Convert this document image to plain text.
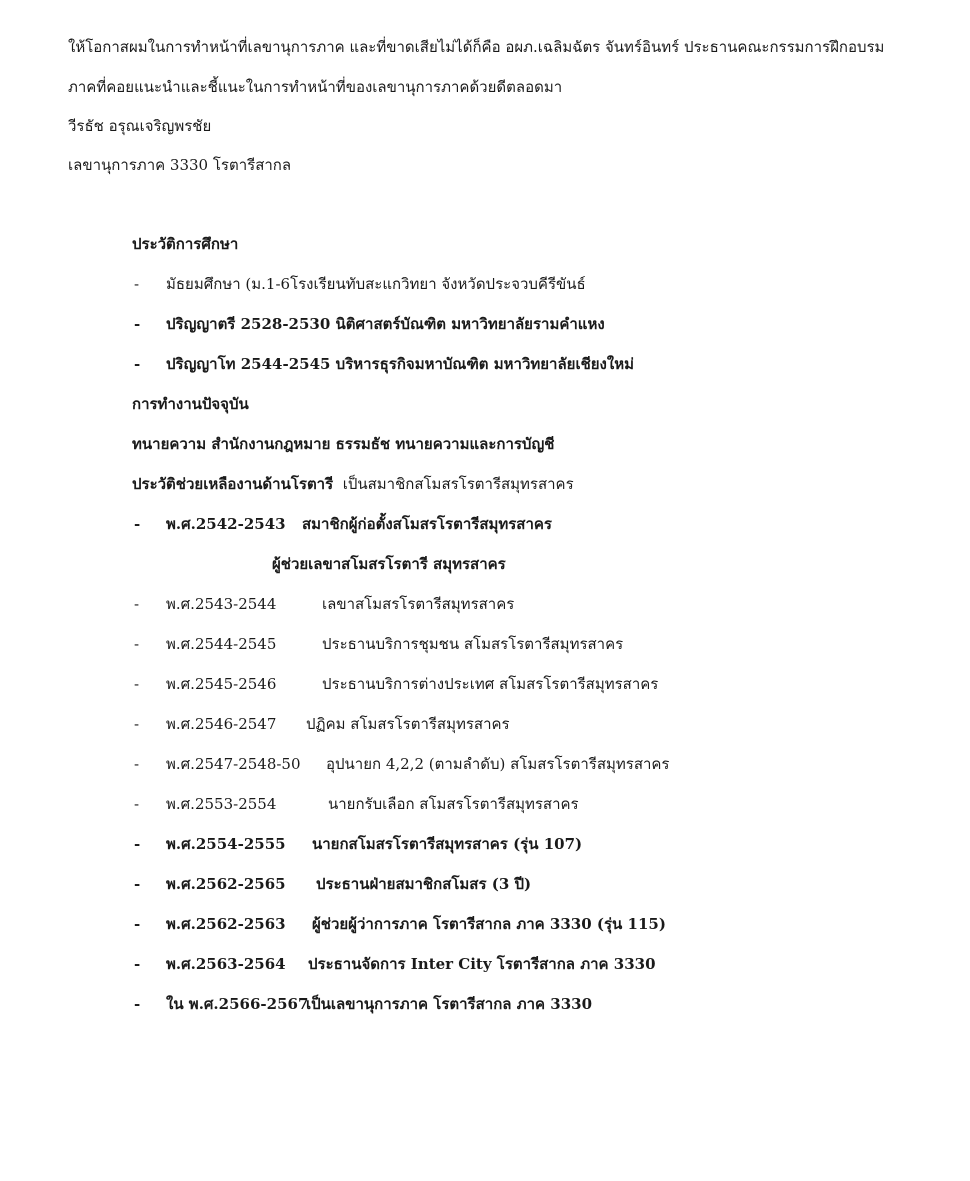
ให้โอกาสผมในการทำหน้าที่เลขานุการภาค และที่ขาดเสียไม่ได้ก็คือ อผภ.เฉลิมฉัตร จันทร์อินทร์ ประธานคณะกรรมการฝึกอบรม
ภาคที่คอยแนะนำและชี้แนะในการทำหน้าที่ของเลขานุการภาคด้วยดีตลอดมา
วีรธัช อรุณเจริญพรชัย
เลขานุการภาค 3330 โรตารีสากล
ประวัติการศึกษา
- มัธยมศึกษา (ม.1-6โรงเรียนทับสะแกวิทยา จังหวัดประจวบคีรีขันธ์
- ปริญญาตรี 2528-2530 นิติศาสตร์บัณฑิต มหาวิทยาลัยรามคำแหง
- ปริญญาโท 2544-2545 บริหารธุรกิจมหาบัณฑิต มหาวิทยาลัยเชียงใหม่
การทำงานปัจจุบัน
ทนายความ สำนักงานกฎหมาย ธรรมธัช ทนายความและการบัญชี
ประวัติช่วยเหลืองานด้านโรตารี เป็นสมาชิกสโมสรโรตารีสมุทรสาคร
- พ.ศ.2542-2543 สมาชิกผู้ก่อตั้งสโมสรโรตารีสมุทรสาคร
ผู้ช่วยเลขาสโมสรโรตารี สมุทรสาคร
- พ.ศ.2543-2544	เลขาสโมสรโรตารีสมุทรสาคร
- พ.ศ.2544-2545	ประธานบริการชุมชน สโมสรโรตารีสมุทรสาคร
- พ.ศ.2545-2546	ประธานบริการต่างประเทศ สโมสรโรตารีสมุทรสาคร
- พ.ศ.2546-2547 ปฏิคม สโมสรโรตารีสมุทรสาคร
- พ.ศ.2547-2548-50 อุปนายก 4,2,2 (ตามลำดับ) สโมสรโรตารีสมุทรสาคร
- พ.ศ.2553-2554	นายกรับเลือก สโมสรโรตารีสมุทรสาคร
- พ.ศ.2554-2555 นายกสโมสรโรตารีสมุทรสาคร (รุ่น 107)
- พ.ศ.2562-2565 ประธานฝ่ายสมาชิกสโมสร (3 ปี)
- พ.ศ.2562-2563 ผู้ช่วยผู้ว่าการภาค โรตารีสากล ภาค 3330 (รุ่น 115)
- พ.ศ.2563-2564 ประธานจัดการ Inter City โรตารีสากล ภาค 3330
- ใน พ.ศ.2566-2567
เป็นเลขานุการภาค โรตารีสากล ภาค 3330
